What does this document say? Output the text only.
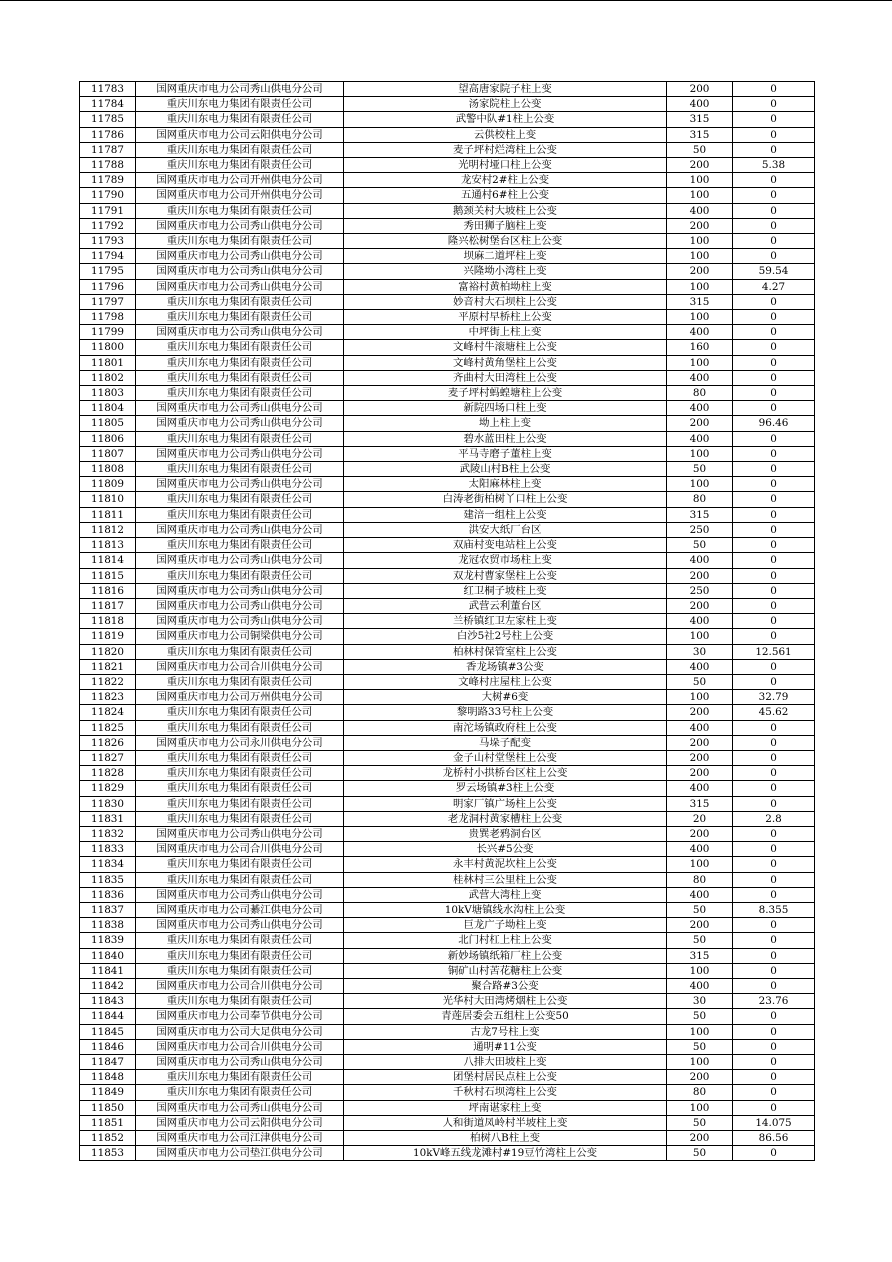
11783	国网重庆市电力公司秀山供电分公司	望高唐家院子柱上变	200	0
11784	重庆川东电力集团有限责任公司	汤家院柱上公变	400	0
11785	重庆川东电力集团有限责任公司	武警中队#1柱上公变	315	0
11786	国网重庆市电力公司云阳供电分公司	云供校柱上变	315	0
11787	重庆川东电力集团有限责任公司	麦子坪村烂湾柱上公变	50	0
11788	重庆川东电力集团有限责任公司	光明村垭口柱上公变	200	5.38
11789	国网重庆市电力公司开州供电分公司	龙安村2#柱上公变	100	0
11790	国网重庆市电力公司开州供电分公司	五通村6#柱上公变	100	0
11791	重庆川东电力集团有限责任公司	鹅颈关村大坡柱上公变	400	0
11792	国网重庆市电力公司秀山供电分公司	秀田狮子脑柱上变	200	0
11793	重庆川东电力集团有限责任公司	隆兴松树堡台区柱上公变	100	0
11794	国网重庆市电力公司秀山供电分公司	坝麻二道坪柱上变	100	0
11795	国网重庆市电力公司秀山供电分公司	兴隆坳小湾柱上变	200	59.54
11796	国网重庆市电力公司秀山供电分公司	富裕村黄柏坳柱上变	100	4.27
11797	重庆川东电力集团有限责任公司	妙音村大石坝柱上公变	315	0
11798	重庆川东电力集团有限责任公司	平原村早桥柱上公变	100	0
11799	国网重庆市电力公司秀山供电分公司	中坪街上柱上变	400	0
11800	重庆川东电力集团有限责任公司	文峰村牛滚塘柱上公变	160	0
11801	重庆川东电力集团有限责任公司	文峰村黄角堡柱上公变	100	0
11802	重庆川东电力集团有限责任公司	齐曲村大田湾柱上公变	400	0
11803	重庆川东电力集团有限责任公司	麦子坪村蚂蝗塘柱上公变	80	0
11804	国网重庆市电力公司秀山供电分公司	新院四场口柱上变	400	0
11805	国网重庆市电力公司秀山供电分公司	坳上柱上变	200	96.46
11806	重庆川东电力集团有限责任公司	碧水蓝田柱上公变	400	0
11807	国网重庆市电力公司秀山供电分公司	平马寺磨子董柱上变	100	0
11808	重庆川东电力集团有限责任公司	武陵山村B柱上公变	50	0
11809	国网重庆市电力公司秀山供电分公司	太阳麻林柱上变	100	0
11810	重庆川东电力集团有限责任公司	白涛老街柏树丫口柱上公变	80	0
11811	重庆川东电力集团有限责任公司	建涪一组柱上公变	315	0
11812	国网重庆市电力公司秀山供电分公司	洪安大纸厂台区	250	0
11813	重庆川东电力集团有限责任公司	双庙村变电站柱上公变	50	0
11814	国网重庆市电力公司秀山供电分公司	龙冠农贸市场柱上变	400	0
11815	重庆川东电力集团有限责任公司	双龙村曹家堡柱上公变	200	0
11816	国网重庆市电力公司秀山供电分公司	红卫桐子坡柱上变	250	0
11817	国网重庆市电力公司秀山供电分公司	武营云利董台区	200	0
11818	国网重庆市电力公司秀山供电分公司	兰桥镇红卫左家柱上变	400	0
11819	国网重庆市电力公司铜梁供电分公司	白沙5社2号柱上公变	100	0
11820	重庆川东电力集团有限责任公司	柏林村保管室柱上公变	30	12.561
11821	国网重庆市电力公司合川供电分公司	香龙场镇#3公变	400	0
11822	重庆川东电力集团有限责任公司	文峰村庄屋柱上公变	50	0
11823	国网重庆市电力公司万州供电分公司	大树#6变	100	32.79
11824	重庆川东电力集团有限责任公司	黎明路33号柱上公变	200	45.62
11825	重庆川东电力集团有限责任公司	南沱场镇政府柱上公变	400	0
11826	国网重庆市电力公司永川供电分公司	马垛子配变	200	0
11827	重庆川东电力集团有限责任公司	金子山村堂堡柱上公变	200	0
11828	重庆川东电力集团有限责任公司	龙桥村小拱桥台区柱上公变	200	0
11829	重庆川东电力集团有限责任公司	罗云场镇#3柱上公变	400	0
11830	重庆川东电力集团有限责任公司	明家厂镇广场柱上公变	315	0
11831	重庆川东电力集团有限责任公司	老龙洞村黄家槽柱上公变	20	2.8
11832	国网重庆市电力公司秀山供电分公司	贵巽老鸦洞台区	200	0
11833	国网重庆市电力公司合川供电分公司	长兴#5公变	400	0
11834	重庆川东电力集团有限责任公司	永丰村黄泥坎柱上公变	100	0
11835	重庆川东电力集团有限责任公司	桂林村三公里柱上公变	80	0
11836	国网重庆市电力公司秀山供电分公司	武营大湾柱上变	400	0
11837	国网重庆市电力公司綦江供电分公司	10kV塘镇线水沟柱上公变	50	8.355
11838	国网重庆市电力公司秀山供电分公司	巨龙广子坳柱上变	200	0
11839	重庆川东电力集团有限责任公司	北门村杠上柱上公变	50	0
11840	重庆川东电力集团有限责任公司	新妙场镇纸箱厂柱上公变	315	0
11841	重庆川东电力集团有限责任公司	铜矿山村苦花糖柱上公变	100	0
11842	国网重庆市电力公司合川供电分公司	聚合路#3公变	400	0
11843	重庆川东电力集团有限责任公司	光华村大田湾烤烟柱上公变	30	23.76
11844	国网重庆市电力公司奉节供电分公司	青莲居委会五组柱上公变50	50	0
11845	国网重庆市电力公司大足供电分公司	古龙7号柱上变	100	0
11846	国网重庆市电力公司合川供电分公司	通明#11公变	50	0
11847	国网重庆市电力公司秀山供电分公司	八排大田坡柱上变	100	0
11848	重庆川东电力集团有限责任公司	团堡村居民点柱上公变	200	0
11849	重庆川东电力集团有限责任公司	千秋村石坝湾柱上公变	80	0
11850	国网重庆市电力公司秀山供电分公司	坪南谌家柱上变	100	0
11851	国网重庆市电力公司云阳供电分公司	人和街道凤岭村半坡柱上变	50	14.075
11852	国网重庆市电力公司江津供电分公司	柏树八B柱上变	200	86.56
11853	国网重庆市电力公司垫江供电分公司	10kV峰五线龙滩村#19豆竹湾柱上公变	50	0
